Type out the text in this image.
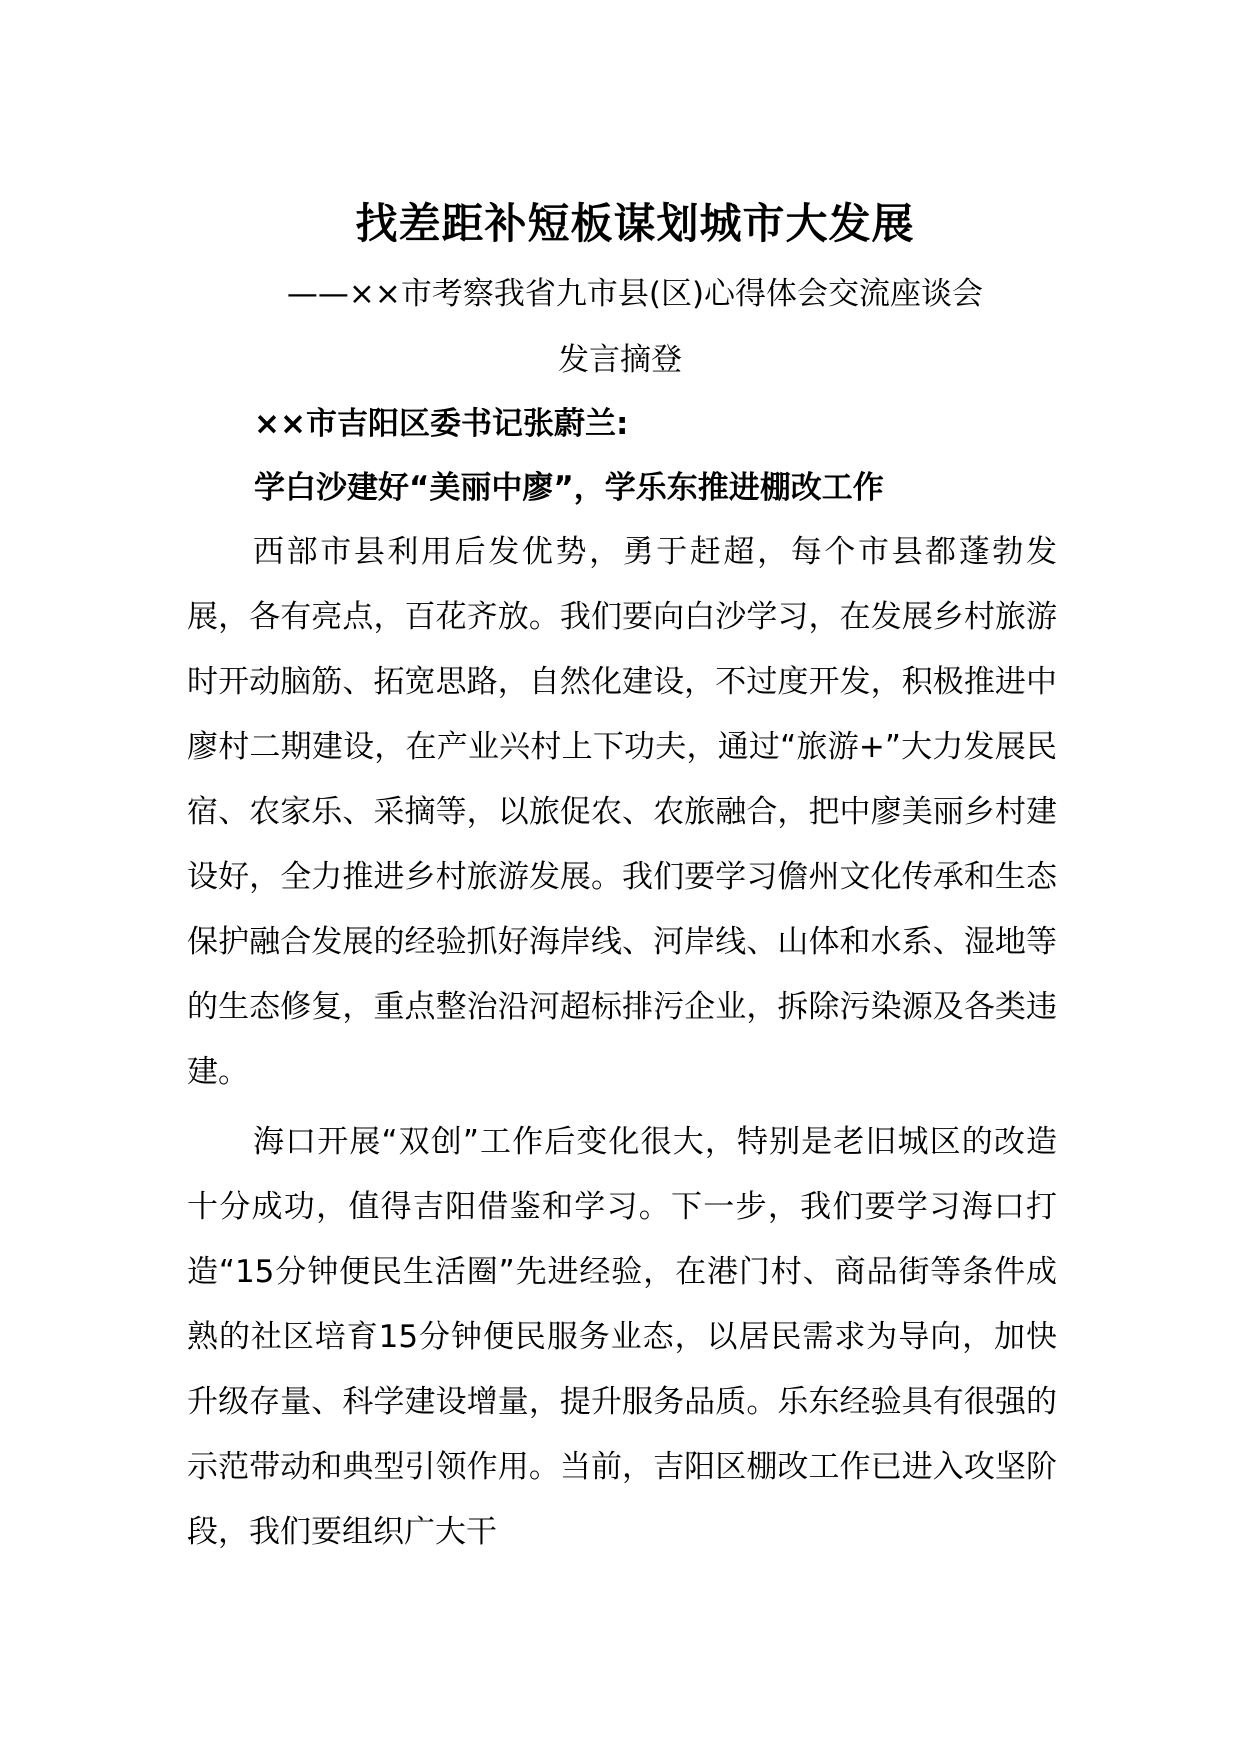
找差距补短板谋划城市大发展
——××市考察我省九市县(区)心得体会交流座谈会
发言摘登
××市吉阳区委书记张蔚兰:
学白沙建好“美丽中廖”，学乐东推进棚改工作

西部市县利用后发优势，勇于赶超，每个市县都蓬勃发展，各有亮点，百花齐放。我们要向白沙学习，在发展乡村旅游时开动脑筋、拓宽思路，自然化建设，不过度开发，积极推进中廖村二期建设，在产业兴村上下功夫，通过“旅游+”大力发展民宿、农家乐、采摘等，以旅促农、农旅融合，把中廖美丽乡村建设好，全力推进乡村旅游发展。我们要学习儋州文化传承和生态保护融合发展的经验抓好海岸线、河岸线、山体和水系、湿地等的生态修复，重点整治沿河超标排污企业，拆除污染源及各类违建。

海口开展“双创”工作后变化很大，特别是老旧城区的改造十分成功，值得吉阳借鉴和学习。下一步，我们要学习海口打造“15分钟便民生活圈”先进经验，在港门村、商品街等条件成熟的社区培育15分钟便民服务业态，以居民需求为导向，加快升级存量、科学建设增量，提升服务品质。乐东经验具有很强的示范带动和典型引领作用。当前，吉阳区棚改工作已进入攻坚阶段，我们要组织广大干
